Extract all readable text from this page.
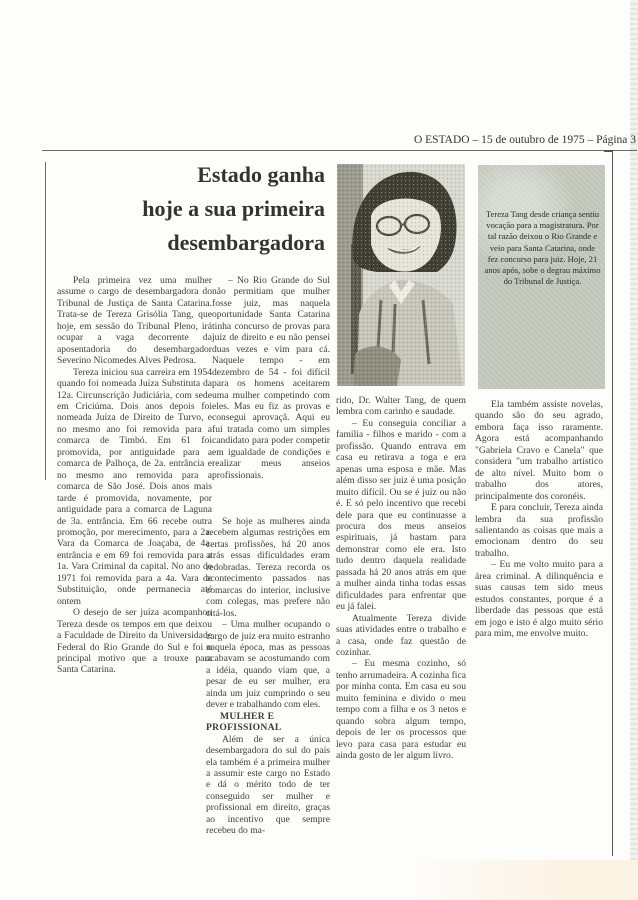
O ESTADO – 15 de outubro de 1975 – Página 3
Estado ganha
hoje a sua primeira
desembargadora
Tereza Tang desde criança sentiu vocação para a magistratura. Por tal razão deixou o Rio Grande e veio para Santa Catarina, onde fez concurso para juiz. Hoje, 21 anos após, sobe o degrau máximo do Tribunal de Justiça.

Pela primeira vez uma mulher assume o cargo de desembargadora do Tribunal de Justiça de Santa Catarina. Trata-se de Tereza Grisólia Tang, que hoje, em sessão do Tribunal Pleno, irá ocupar a vaga decorrente da aposentadoria do desembargador Severino Nicomedes Alves Pedrosa.

Tereza iniciou sua carreira em 1954 quando foi nomeada Juíza Substituta da 12a. Circunscrição Judiciária, com sede em Criciúma. Dois anos depois foi nomeada Juíza de Direito de Turvo, e no mesmo ano foi removida para a comarca de Timbó. Em 61 foi promovida, por antiguidade para a comarca de Palhoça, de 2a. entrância e no mesmo ano removida para a comarca de São José. Dois anos mais tarde é promovida, novamente, por antiguidade para a comarca de Laguna de 3a. entrância. Em 66 recebe outra promoção, por merecimento, para a 2a. Vara da Comarca de Joaçaba, de 4a. entrância e em 69 foi removida para a 1a. Vara Criminal da capital. No ano de 1971 foi removida para a 4a. Vara de Substituição, onde permanecia até ontem

O desejo de ser juíza acompanhou Tereza desde os tempos em que deixou a Faculdade de Direito da Universidade Federal do Rio Grande do Sul e foi o principal motivo que a trouxe para Santa Catarina.

– No Rio Grande do Sul não permitiam que mulher fosse juiz, mas naquela oportunidade Santa Catarina tinha concurso de provas para juiz de direito e eu não pensei duas vezes e vim para cá. Naquele tempo - em dezembro de 54 - foi difícil para os homens aceitarem uma mulher competindo com eles. Mas eu fiz as provas e consegui aprovaçã. Aqui eu fui tratada como um simples candidato para poder competir em igualdade de condições e realizar meus anseios profissionais.

Se hoje as mulheres ainda recebem algumas restrições em certas profissões, há 20 anos atrás essas dificuldades eram redobradas. Tereza recorda os acontecimento passados nas comarcas do interior, inclusive com colegas, mas prefere não citá-los.

– Uma mulher ocupando o cargo de juiz era muito estranho naquela época, mas as pessoas acabavam se acostumando com a idéia, quando viam que, a pesar de eu ser mulher, era ainda um juiz cumprindo o seu dever e trabalhando com eles.

MULHER E PROFISSIONAL

Além de ser a única desembargadora do sul do país ela também é a primeira mulher a assumir este cargo no Estado e dá o mérito todo de ter conseguido ser mulher e profissional em direito, graças ao incentivo que sempre recebeu do ma-

rido, Dr. Walter Tang, de quem lembra com carinho e saudade.

– Eu conseguia conciliar a família - filhos e marido - com a profissão. Quando entrava em casa eu retirava a toga e era apenas uma esposa e mãe. Mas além disso ser juiz é uma posição muito difícil. Ou se é juiz ou não é. E só pelo incentivo que recebi dele para que eu continuasse a procura dos meus anseios espirituais, já bastam para demonstrar como ele era. Isto tudo dentro daquela realidade passada há 20 anos atrás em que a mulher ainda tinha todas essas dificuldades para enfrentar que eu já falei.

Atualmente Tereza divide suas atividades entre o trabalho e a casa, onde faz questão de cozinhar.

– Eu mesma cozinho, só tenho arrumadeira. A cozinha fica por minha conta. Em casa eu sou muito feminina e divido o meu tempo com a filha e os 3 netos e quando sobra algum tempo, depois de ler os processos que levo para casa para estudar eu ainda gosto de ler algum livro.

Ela também assiste novelas, quando são do seu agrado, embora faça isso raramente. Agora está acompanhando "Gabriela Cravo e Canela" que considera "um trabalho artístico de alto nível. Muito bom o trabalho dos atores, principalmente dos coronéis.

E para concluir, Tereza ainda lembra da sua profissão salientando as coisas que mais a emocionam dentro do seu trabalho.

– Eu me volto muito para a área criminal. A dilinquência e suas causas tem sido meus estudos constantes, porque é a liberdade das pessoas que está em jogo e isto é algo muito sério para mim, me envolve muito.
